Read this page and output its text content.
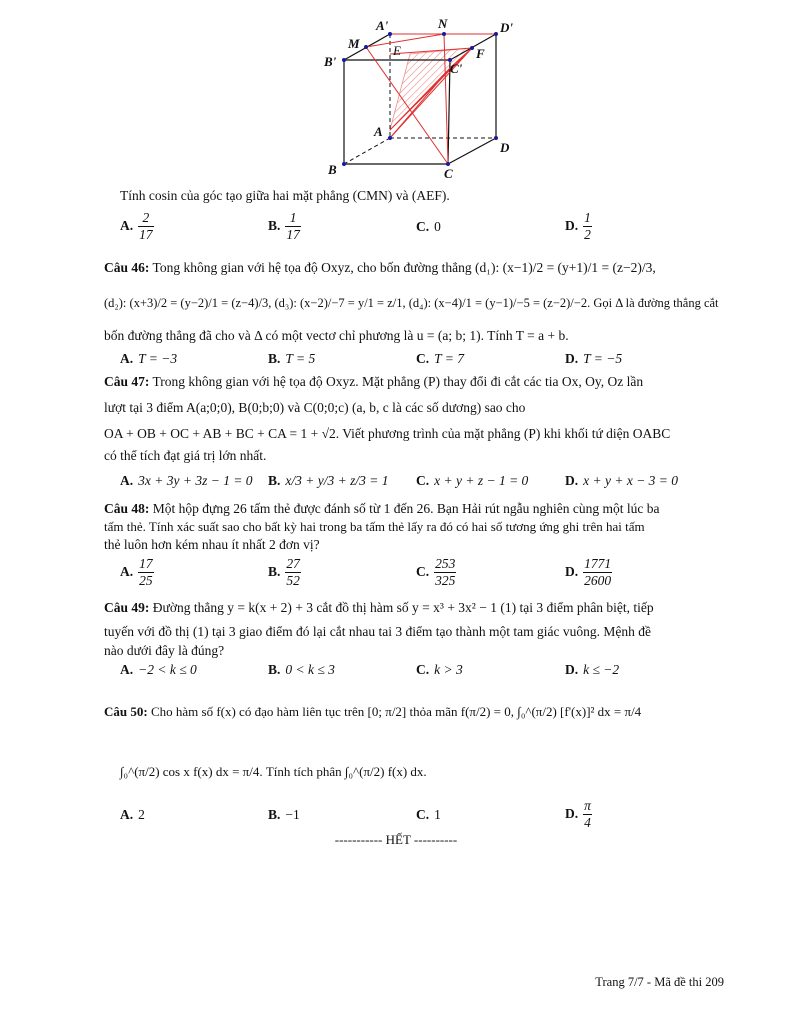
A'	N	D'
M	E	F
B'	C'
A
D
B	C
Tính cosin của góc tạo giữa hai mặt phẳng (CMN) và (AEF).
A. $\frac{2}{17}$	B. $\frac{1}{17}$	C. 0	D. $\frac{1}{2}$
Câu 46: Tong không gian với hệ tọa độ Oxyz, cho bốn đường thẳng (d₁): (x−1)/2 = (y+1)/1 = (z−2)/3,
(d₂): (x+3)/2 = (y−2)/1 = (z−4)/3, (d₃): (x−2)/−7 = y/1 = z/1, (d₄): (x−4)/1 = (y−1)/−5 = (z−2)/−2. Gọi Δ là đường thẳng cắt
bốn đường thẳng đã cho và Δ có một vectơ chỉ phương là u = (a; b; 1). Tính T = a + b.
A. T = −3	B. T = 5	C. T = 7	D. T = −5
Câu 47: Trong không gian với hệ tọa độ Oxyz. Mặt phẳng (P) thay đổi đi cắt các tia Ox, Oy, Oz lần
lượt tại 3 điểm A(a;0;0), B(0;b;0) và C(0;0;c) (a, b, c là các số dương) sao cho
OA + OB + OC + AB + BC + CA = 1 + √2. Viết phương trình của mặt phẳng (P) khi khối tứ diện OABC
có thể tích đạt giá trị lớn nhất.
A. 3x + 3y + 3z − 1 = 0 B. x/3 + y/3 + z/3 = 1 C. x + y + z − 1 = 0	D. x + y + x − 3 = 0
Câu 48: Một hộp đựng 26 tấm thẻ được đánh số từ 1 đến 26. Bạn Hải rút ngẫu nghiên cùng một lúc ba
tấm thẻ. Tính xác suất sao cho bất kỳ hai trong ba tấm thẻ lấy ra đó có hai số tương ứng ghi trên hai tấm
thẻ luôn hơn kém nhau ít nhất 2 đơn vị?
A. $\frac{17}{25}$	B. $\frac{27}{52}$	C. $\frac{253}{325}$	D. $\frac{1771}{2600}$
Câu 49: Đường thẳng y = k(x + 2) + 3 cắt đồ thị hàm số y = x³ + 3x² − 1 (1) tại 3 điểm phân biệt, tiếp
tuyến với đồ thị (1) tại 3 giao điểm đó lại cắt nhau tai 3 điểm tạo thành một tam giác vuông. Mệnh đề
nào dưới đây là đúng?
A. −2 < k ≤ 0	B. 0 < k ≤ 3	C. k > 3	D. k ≤ −2
Câu 50: Cho hàm số f(x) có đạo hàm liên tục trên [0; π/2] thỏa mãn f(π/2) = 0, ∫₀^(π/2) [f'(x)]² dx = π/4
∫₀^(π/2) cos x f(x) dx = π/4. Tính tích phân ∫₀^(π/2) f(x) dx.
A. 2	B. −1	C. 1	D. $\frac{\pi}{4}$
----------- HẾT ----------
Trang 7/7 - Mã đề thi 209
